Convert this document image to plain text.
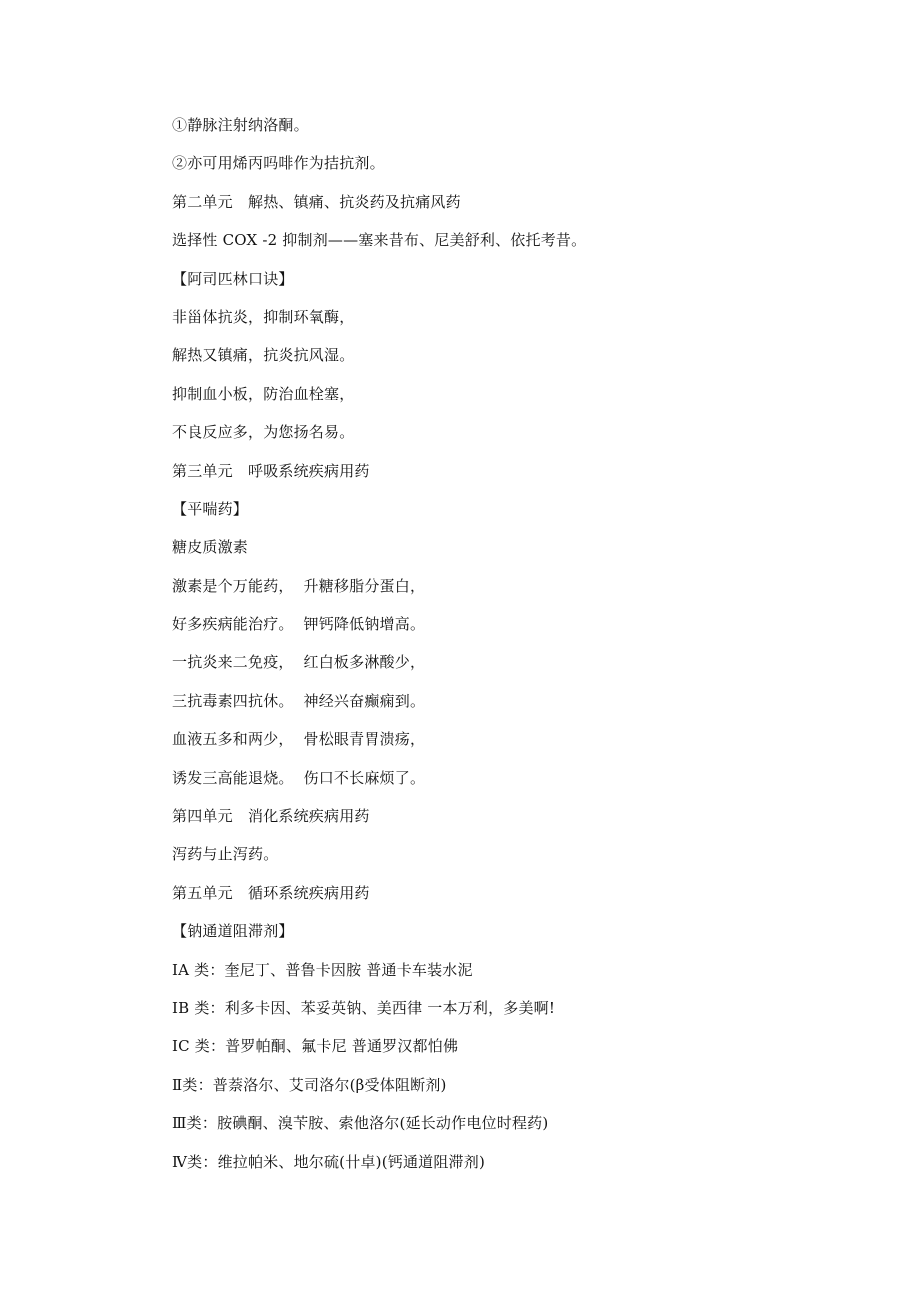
①静脉注射纳洛酮。
②亦可用烯丙吗啡作为拮抗剂。
第二单元　解热、镇痛、抗炎药及抗痛风药
选择性 COX -2 抑制剂——塞来昔布、尼美舒利、依托考昔。
【阿司匹林口诀】
非甾体抗炎，抑制环氧酶，
解热又镇痛，抗炎抗风湿。
抑制血小板，防治血栓塞，
不良反应多，为您扬名易。
第三单元　呼吸系统疾病用药
【平喘药】
糖皮质激素
激素是个万能药，  升糖移脂分蛋白，
好多疾病能治疗。  钾钙降低钠增高。
一抗炎来二免疫，  红白板多淋酸少，
三抗毒素四抗休。  神经兴奋癫痫到。
血液五多和两少，  骨松眼青胃溃疡，
诱发三高能退烧。  伤口不长麻烦了。
第四单元　消化系统疾病用药
泻药与止泻药。
第五单元　循环系统疾病用药
【钠通道阻滞剂】
ⅠA 类：奎尼丁、普鲁卡因胺 普通卡车装水泥
ⅠB 类：利多卡因、苯妥英钠、美西律 一本万利，多美啊!
ⅠC 类：普罗帕酮、氟卡尼 普通罗汉都怕佛
Ⅱ类：普萘洛尔、艾司洛尔(β受体阻断剂)
Ⅲ类：胺碘酮、溴苄胺、索他洛尔(延长动作电位时程药)
Ⅳ类：维拉帕米、地尔硫(卄卓)(钙通道阻滞剂)
